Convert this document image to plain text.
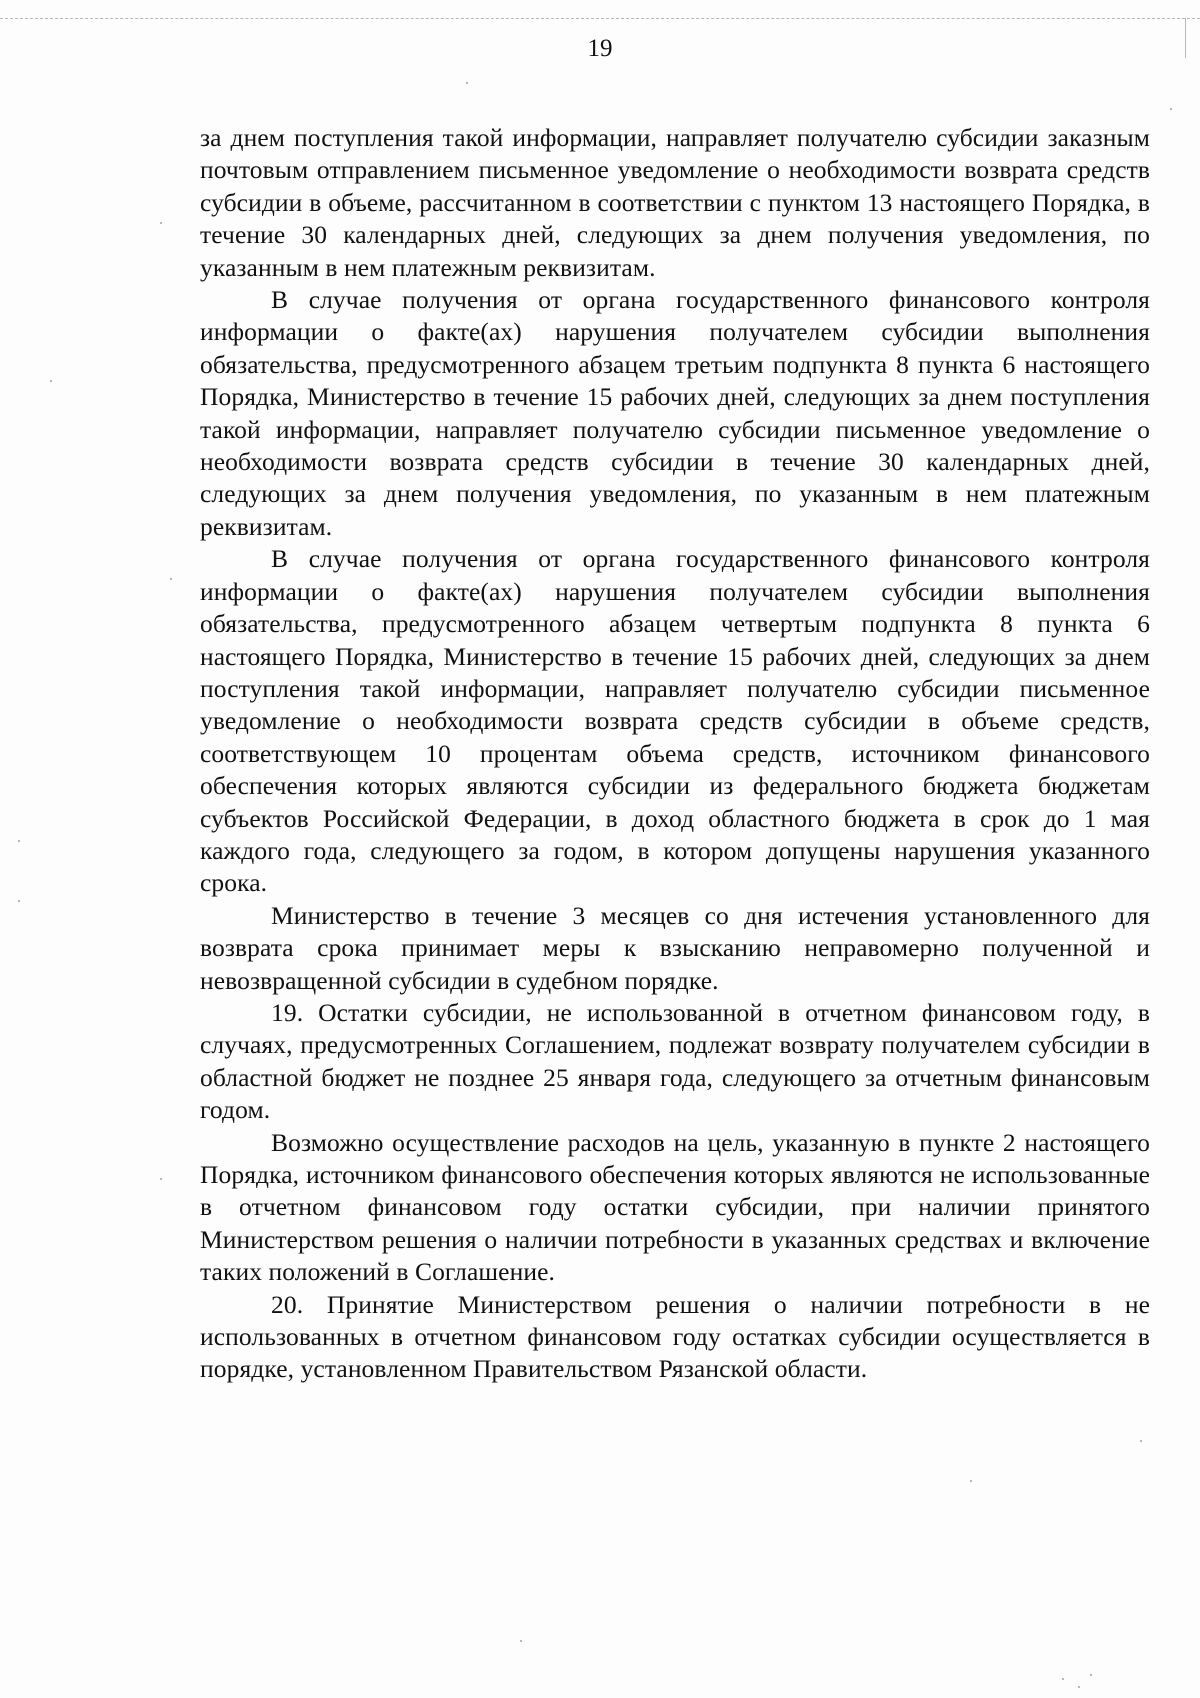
19

за днем поступления такой информации, направляет получателю субсидии заказным почтовым отправлением письменное уведомление о необходимости возврата средств субсидии в объеме, рассчитанном в соответствии с пунктом 13 настоящего Порядка, в течение 30 календарных дней, следующих за днем получения уведомления, по указанным в нем платежным реквизитам.

В случае получения от органа государственного финансового контроля информации о факте(ах) нарушения получателем субсидии выполнения обязательства, предусмотренного абзацем третьим подпункта 8 пункта 6 настоящего Порядка, Министерство в течение 15 рабочих дней, следующих за днем поступления такой информации, направляет получателю субсидии письменное уведомление о необходимости возврата средств субсидии в течение 30 календарных дней, следующих за днем получения уведомления, по указанным в нем платежным реквизитам.

В случае получения от органа государственного финансового контроля информации о факте(ах) нарушения получателем субсидии выполнения обязательства, предусмотренного абзацем четвертым подпункта 8 пункта 6 настоящего Порядка, Министерство в течение 15 рабочих дней, следующих за днем поступления такой информации, направляет получателю субсидии письменное уведомление о необходимости возврата средств субсидии в объеме средств, соответствующем 10 процентам объема средств, источником финансового обеспечения которых являются субсидии из федерального бюджета бюджетам субъектов Российской Федерации, в доход областного бюджета в срок до 1 мая каждого года, следующего за годом, в котором допущены нарушения указанного срока.

Министерство в течение 3 месяцев со дня истечения установленного для возврата срока принимает меры к взысканию неправомерно полученной и невозвращенной субсидии в судебном порядке.

19. Остатки субсидии, не использованной в отчетном финансовом году, в случаях, предусмотренных Соглашением, подлежат возврату получателем субсидии в областной бюджет не позднее 25 января года, следующего за отчетным финансовым годом.

Возможно осуществление расходов на цель, указанную в пункте 2 настоящего Порядка, источником финансового обеспечения которых являются не использованные в отчетном финансовом году остатки субсидии, при наличии принятого Министерством решения о наличии потребности в указанных средствах и включение таких положений в Соглашение.

20. Принятие Министерством решения о наличии потребности в не использованных в отчетном финансовом году остатках субсидии осуществляется в порядке, установленном Правительством Рязанской области.
